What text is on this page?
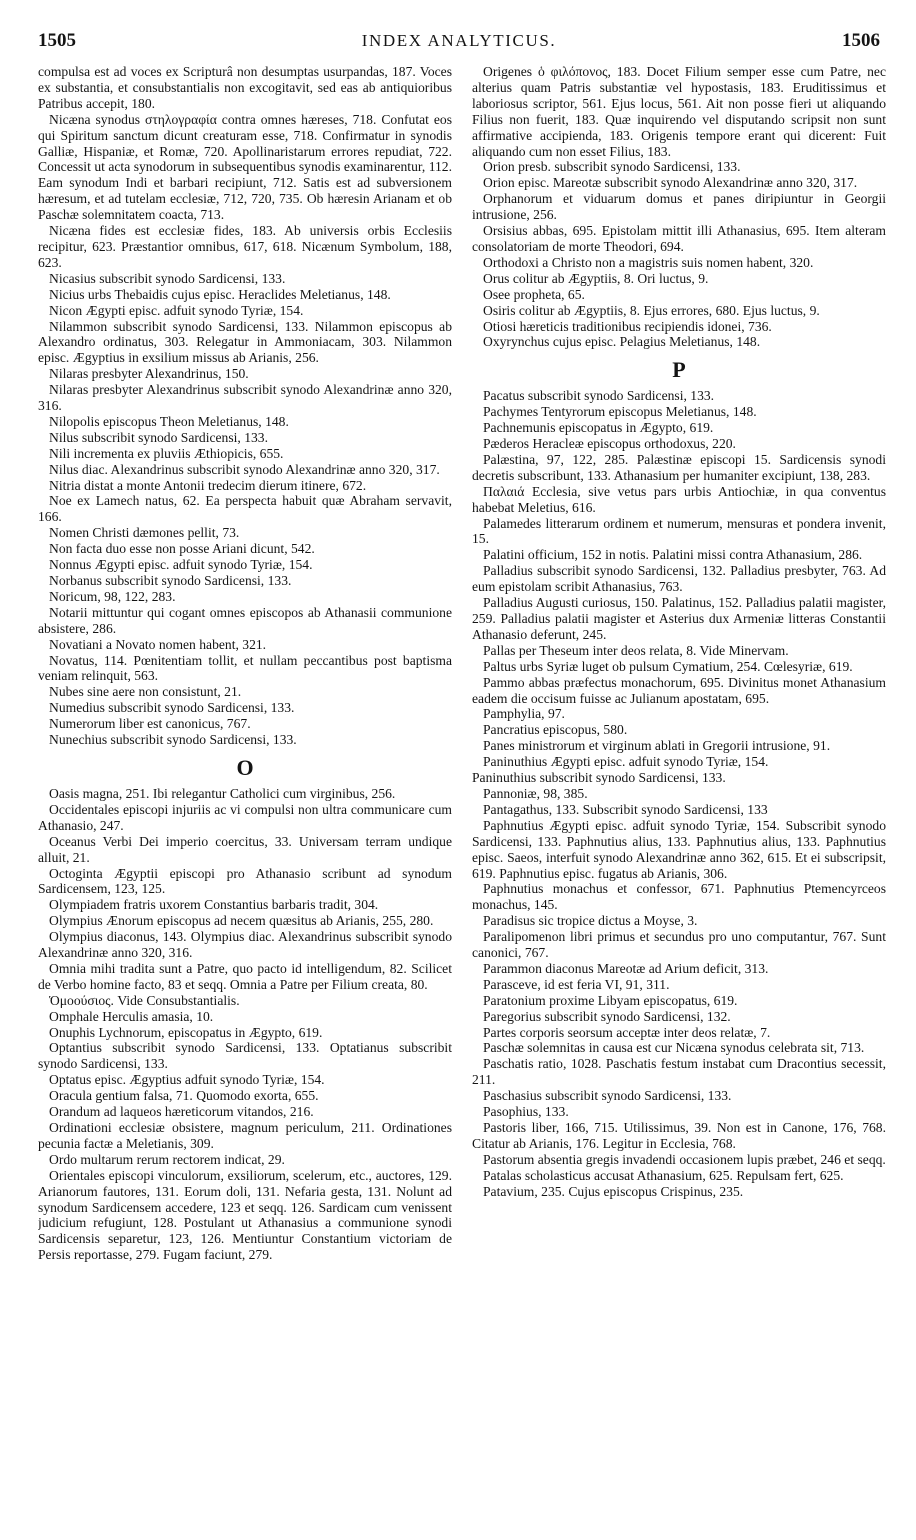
1505	INDEX ANALYTICUS.	1506

compulsa est ad voces ex Scripturâ non desumptas usurpandas, 187. Voces ex substantia, et consubstantialis non excogitavit, sed eas ab antiquioribus Patribus accepit, 180.

Nicæna synodus στηλογραφία contra omnes hæreses, 718. Confutat eos qui Spiritum sanctum dicunt creaturam esse, 718. Confirmatur in synodis Galliæ, Hispaniæ, et Romæ, 720. Apollinaristarum errores repudiat, 722. Concessit ut acta synodorum in subsequentibus synodis examinarentur, 112. Eam synodum Indi et barbari recipiunt, 712. Satis est ad subversionem hæresum, et ad tutelam ecclesiæ, 712, 720, 735. Ob hæresin Arianam et ob Paschæ solemnitatem coacta, 713.

Nicæna fides est ecclesiæ fides, 183. Ab universis orbis Ecclesiis recipitur, 623. Præstantior omnibus, 617, 618. Nicænum Symbolum, 188, 623.

Nicasius subscribit synodo Sardicensi, 133.

Nicius urbs Thebaidis cujus episc. Heraclides Meletianus, 148.

Nicon Ægypti episc. adfuit synodo Tyriæ, 154.

Nilammon subscribit synodo Sardicensi, 133. Nilammon episcopus ab Alexandro ordinatus, 303. Relegatur in Ammoniacam, 303. Nilammon episc. Ægyptius in exsilium missus ab Arianis, 256.

Nilaras presbyter Alexandrinus, 150.

Nilaras presbyter Alexandrinus subscribit synodo Alexandrinæ anno 320, 316.

Nilopolis episcopus Theon Meletianus, 148.

Nilus subscribit synodo Sardicensi, 133.

Nili incrementa ex pluviis Æthiopicis, 655.

Nilus diac. Alexandrinus subscribit synodo Alexandrinæ anno 320, 317.

Nitria distat a monte Antonii tredecim dierum itinere, 672.

Noe ex Lamech natus, 62. Ea perspecta habuit quæ Abraham servavit, 166.

Nomen Christi dæmones pellit, 73.

Non facta duo esse non posse Ariani dicunt, 542.

Nonnus Ægypti episc. adfuit synodo Tyriæ, 154.

Norbanus subscribit synodo Sardicensi, 133.

Noricum, 98, 122, 283.

Notarii mittuntur qui cogant omnes episcopos ab Athanasii communione absistere, 286.

Novatiani a Novato nomen habent, 321.

Novatus, 114. Pœnitentiam tollit, et nullam peccantibus post baptisma veniam relinquit, 563.

Nubes sine aere non consistunt, 21.

Numedius subscribit synodo Sardicensi, 133.

Numerorum liber est canonicus, 767.

Nunechius subscribit synodo Sardicensi, 133.

O

Oasis magna, 251. Ibi relegantur Catholici cum virginibus, 256.

Occidentales episcopi injuriis ac vi compulsi non ultra communicare cum Athanasio, 247.

Oceanus Verbi Dei imperio coercitus, 33. Universam terram undique alluit, 21.

Octoginta Ægyptii episcopi pro Athanasio scribunt ad synodum Sardicensem, 123, 125.

Olympiadem fratris uxorem Constantius barbaris tradit, 304.

Olympius Ænorum episcopus ad necem quæsitus ab Arianis, 255, 280.

Olympius diaconus, 143. Olympius diac. Alexandrinus subscribit synodo Alexandrinæ anno 320, 316.

Omnia mihi tradita sunt a Patre, quo pacto id intelligendum, 82. Scilicet de Verbo homine facto, 83 et seqq. Omnia a Patre per Filium creata, 80.

Ὁμοούσιος. Vide Consubstantialis.

Omphale Herculis amasia, 10.

Onuphis Lychnorum, episcopatus in Ægypto, 619.

Optantius subscribit synodo Sardicensi, 133. Optatianus subscribit synodo Sardicensi, 133.

Optatus episc. Ægyptius adfuit synodo Tyriæ, 154.

Oracula gentium falsa, 71. Quomodo exorta, 655.

Orandum ad laqueos hæreticorum vitandos, 216.

Ordinationi ecclesiæ obsistere, magnum periculum, 211. Ordinationes pecunia factæ a Meletianis, 309.

Ordo multarum rerum rectorem indicat, 29.

Orientales episcopi vinculorum, exsiliorum, scelerum, etc., auctores, 129. Arianorum fautores, 131. Eorum doli, 131. Nefaria gesta, 131. Nolunt ad synodum Sardicensem accedere, 123 et seqq. 126. Sardicam cum venissent judicium refugiunt, 128. Postulant ut Athanasius a communione synodi Sardicensis separetur, 123, 126. Mentiuntur Constantium victoriam de Persis reportasse, 279. Fugam faciunt, 279.

Origenes ὁ φιλόπονος, 183. Docet Filium semper esse cum Patre, nec alterius quam Patris substantiæ vel hypostasis, 183. Eruditissimus et laboriosus scriptor, 561. Ejus locus, 561. Ait non posse fieri ut aliquando Filius non fuerit, 183. Quæ inquirendo vel disputando scripsit non sunt affirmative accipienda, 183. Origenis tempore erant qui dicerent: Fuit aliquando cum non esset Filius, 183.

Orion presb. subscribit synodo Sardicensi, 133.

Orion episc. Mareotæ subscribit synodo Alexandrinæ anno 320, 317.

Orphanorum et viduarum domus et panes diripiuntur in Georgii intrusione, 256.

Orsisius abbas, 695. Epistolam mittit illi Athanasius, 695. Item alteram consolatoriam de morte Theodori, 694.

Orthodoxi a Christo non a magistris suis nomen habent, 320.

Orus colitur ab Ægyptiis, 8. Ori luctus, 9.

Osee propheta, 65.

Osiris colitur ab Ægyptiis, 8. Ejus errores, 680. Ejus luctus, 9.

Otiosi hæreticis traditionibus recipiendis idonei, 736.

Oxyrynchus cujus episc. Pelagius Meletianus, 148.

P

Pacatus subscribit synodo Sardicensi, 133.

Pachymes Tentyrorum episcopus Meletianus, 148.

Pachnemunis episcopatus in Ægypto, 619.

Pæderos Heracleæ episcopus orthodoxus, 220.

Palæstina, 97, 122, 285. Palæstinæ episcopi 15. Sardicensis synodi decretis subscribunt, 133. Athanasium per humaniter excipiunt, 138, 283.

Παλαιά Ecclesia, sive vetus pars urbis Antiochiæ, in qua conventus habebat Meletius, 616.

Palamedes litterarum ordinem et numerum, mensuras et pondera invenit, 15.

Palatini officium, 152 in notis. Palatini missi contra Athanasium, 286.

Palladius subscribit synodo Sardicensi, 132. Palladius presbyter, 763. Ad eum epistolam scribit Athanasius, 763.

Palladius Augusti curiosus, 150. Palatinus, 152. Palladius palatii magister, 259. Palladius palatii magister et Asterius dux Armeniæ litteras Constantii Athanasio deferunt, 245.

Pallas per Theseum inter deos relata, 8. Vide Minervam.

Paltus urbs Syriæ luget ob pulsum Cymatium, 254. Cœlesyriæ, 619.

Pammo abbas præfectus monachorum, 695. Divinitus monet Athanasium eadem die occisum fuisse ac Julianum apostatam, 695.

Pamphylia, 97.

Pancratius episcopus, 580.

Panes ministrorum et virginum ablati in Gregorii intrusione, 91.

Paninuthius Ægypti episc. adfuit synodo Tyriæ, 154.

Paninuthius subscribit synodo Sardicensi, 133.

Pannoniæ, 98, 385.

Pantagathus, 133. Subscribit synodo Sardicensi, 133

Paphnutius Ægypti episc. adfuit synodo Tyriæ, 154. Subscribit synodo Sardicensi, 133. Paphnutius alius, 133. Paphnutius alius, 133. Paphnutius episc. Saeos, interfuit synodo Alexandrinæ anno 362, 615. Et ei subscripsit, 619. Paphnutius episc. fugatus ab Arianis, 306.

Paphnutius monachus et confessor, 671. Paphnutius Ptemencyrceos monachus, 145.

Paradisus sic tropice dictus a Moyse, 3.

Paralipomenon libri primus et secundus pro uno computantur, 767. Sunt canonici, 767.

Parammon diaconus Mareotæ ad Arium deficit, 313.

Parasceve, id est feria VI, 91, 311.

Paratonium proxime Libyam episcopatus, 619.

Paregorius subscribit synodo Sardicensi, 132.

Partes corporis seorsum acceptæ inter deos relatæ, 7.

Paschæ solemnitas in causa est cur Nicæna synodus celebrata sit, 713.

Paschatis ratio, 1028. Paschatis festum instabat cum Dracontius secessit, 211.

Paschasius subscribit synodo Sardicensi, 133.

Pasophius, 133.

Pastoris liber, 166, 715. Utilissimus, 39. Non est in Canone, 176, 768. Citatur ab Arianis, 176. Legitur in Ecclesia, 768.

Pastorum absentia gregis invadendi occasionem lupis præbet, 246 et seqq.

Patalas scholasticus accusat Athanasium, 625. Repulsam fert, 625.

Patavium, 235. Cujus episcopus Crispinus, 235.
